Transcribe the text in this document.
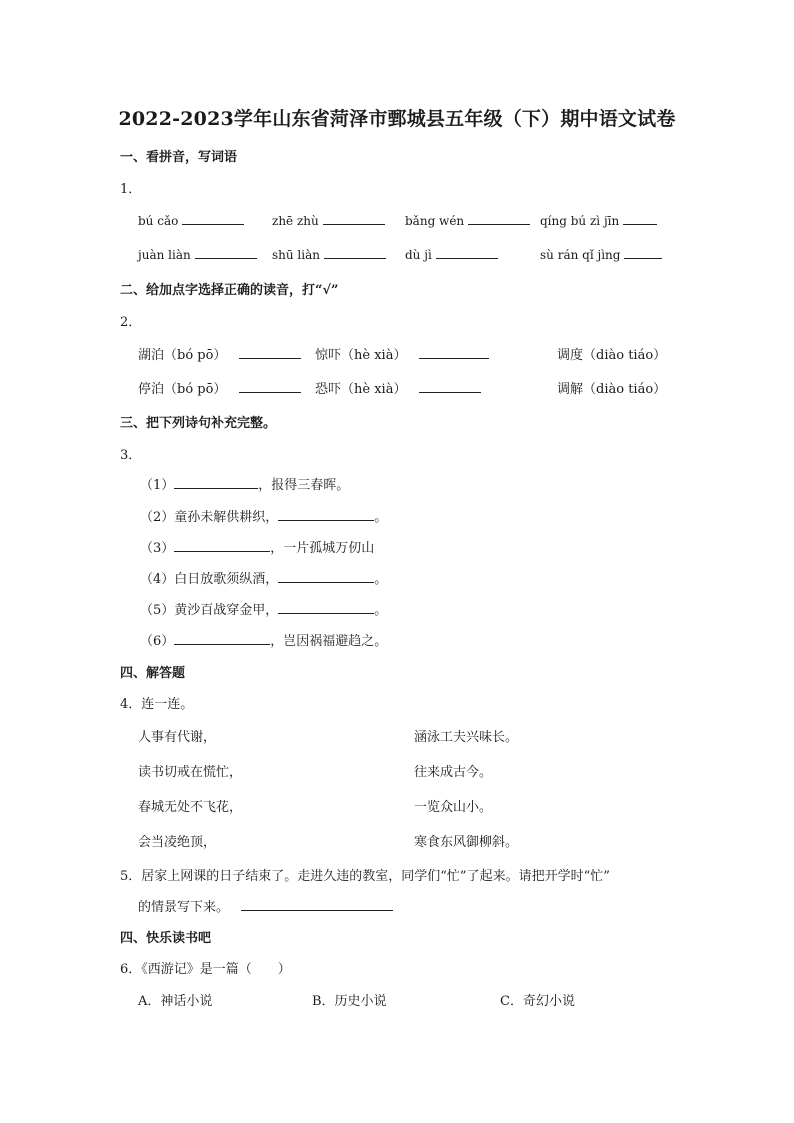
2022-2023学年山东省菏泽市鄄城县五年级（下）期中语文试卷
一、看拼音，写词语
1．
bú cǎo	zhē zhù	bǎng wén	qíng bú zì jīn
juàn liàn	shū liàn	dù jì	sù rán qǐ jìng
二、给加点字选择正确的读音，打“√”
2．
湖泊（bó pō）	惊吓（hè xià）	调度（diào tiáo）
停泊（bó pō）	恐吓（hè xià）	调解（diào tiáo）
三、把下列诗句补充完整。
3．
（1）	，报得三春晖。
（2）童孙未解供耕织，	。
（3）	，一片孤城万仞山
（4）白日放歌须纵酒，	。
（5）黄沙百战穿金甲，	。
（6）	，岂因祸福避趋之。
四、解答题
4．连一连。
人事有代谢，
读书切戒在慌忙，
春城无处不飞花，
会当凌绝顶，
涵泳工夫兴味长。
往来成古今。
一览众山小。
寒食东风御柳斜。
5．居家上网课的日子结束了。走进久违的教室，同学们“忙”了起来。请把开学时“忙”
的情景写下来。
四、快乐读书吧
6．《西游记》是一篇（　　）
A．神话小说	B．历史小说	C．奇幻小说
